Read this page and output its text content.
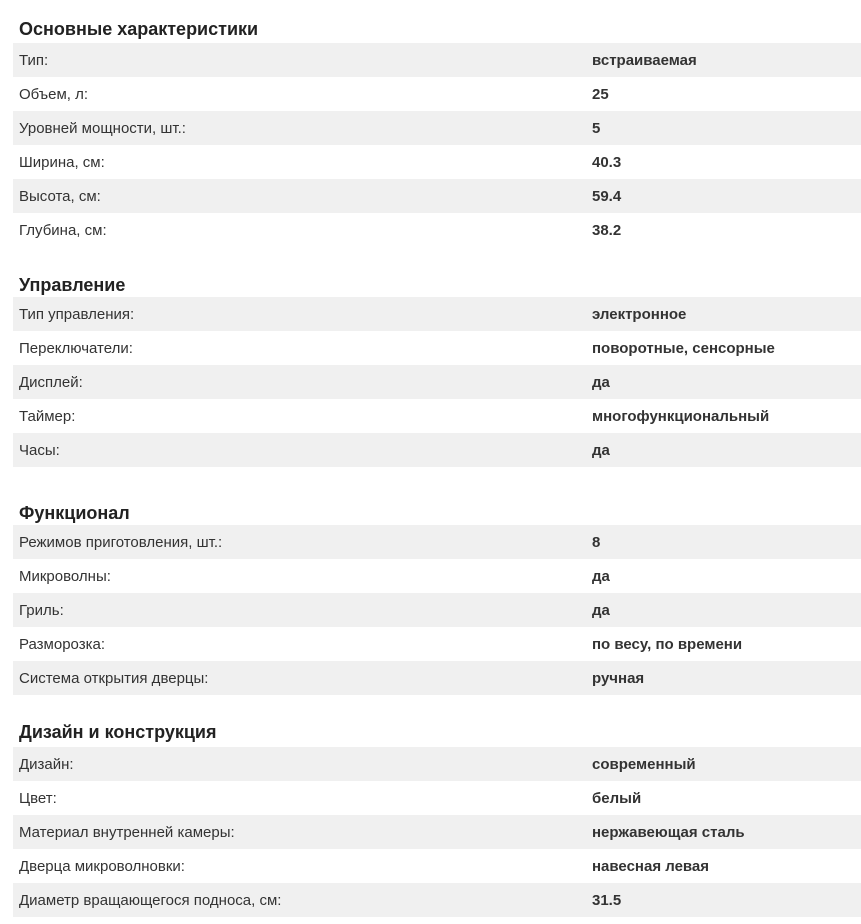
Основные характеристики
Тип:	встраиваемая
Объем, л:	25
Уровней мощности, шт.:	5
Ширина, см:	40.3
Высота, см:	59.4
Глубина, см:	38.2
Управление
Тип управления:	электронное
Переключатели:	поворотные, сенсорные
Дисплей:	да
Таймер:	многофункциональный
Часы:	да
Функционал
Режимов приготовления, шт.:	8
Микроволны:	да
Гриль:	да
Разморозка:	по весу, по времени
Система открытия дверцы:	ручная
Дизайн и конструкция
Дизайн:	современный
Цвет:	белый
Материал внутренней камеры:	нержавеющая сталь
Дверца микроволновки:	навесная левая
Диаметр вращающегося подноса, см:	31.5
